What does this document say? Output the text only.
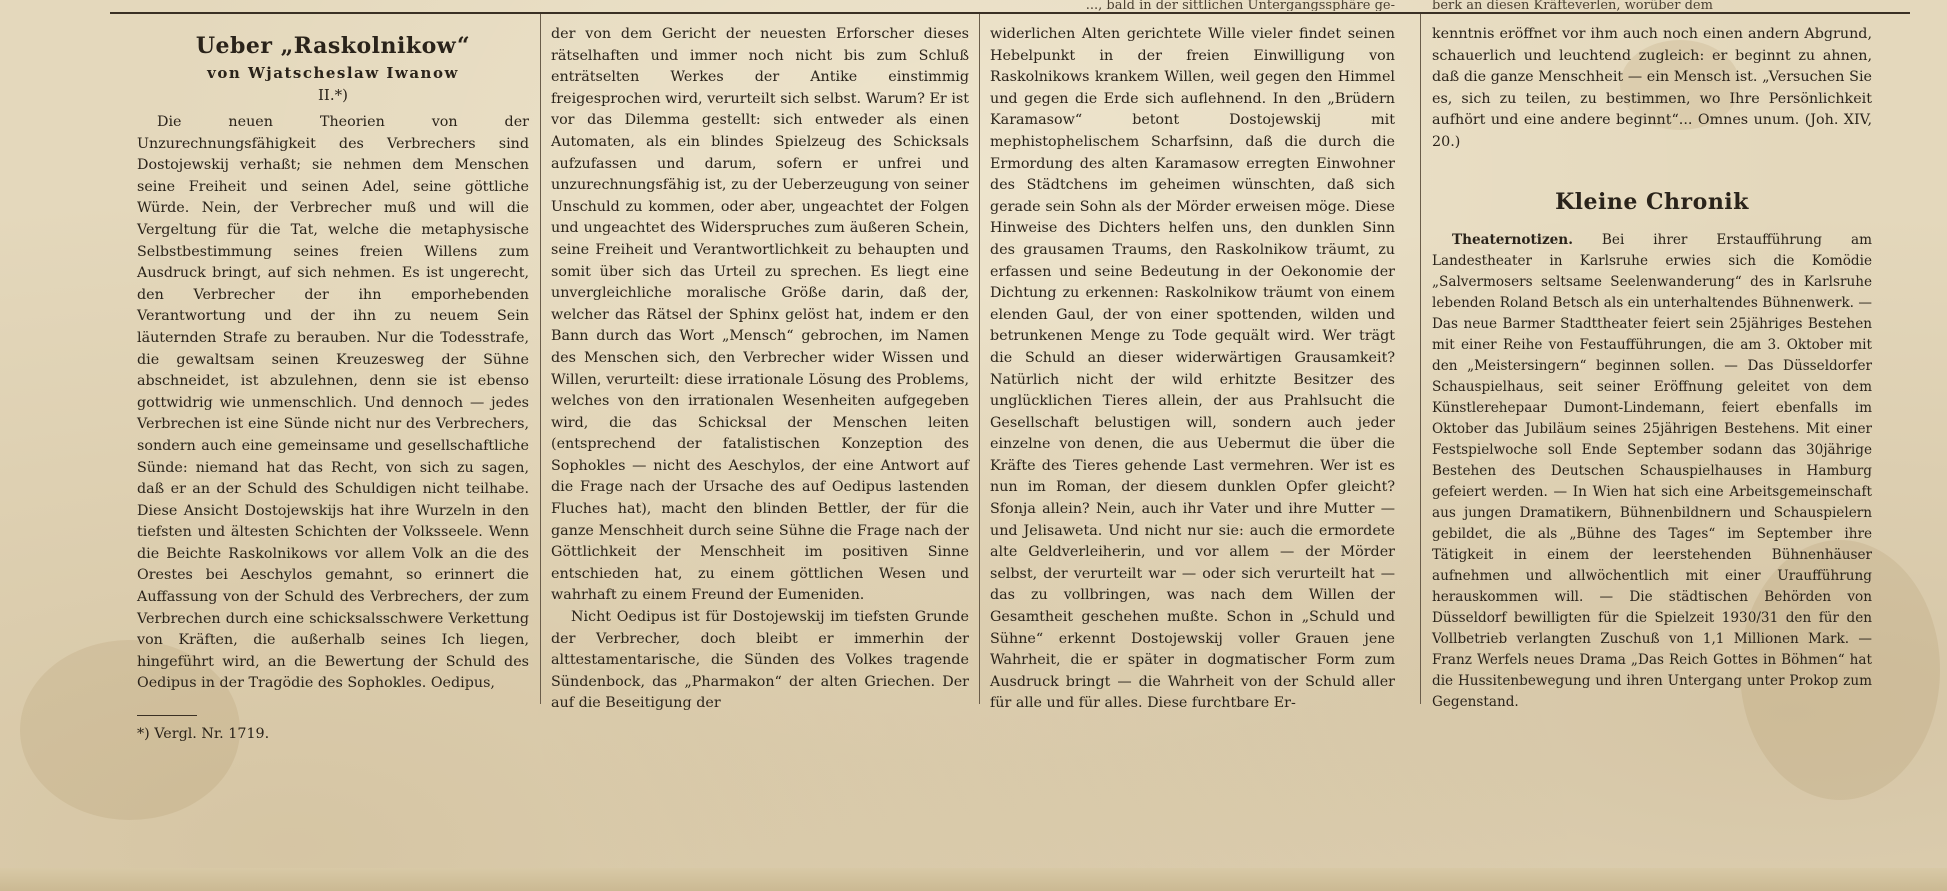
..., bald in der sittlichen Untergangssphäre ge-	berk an diesen Kräfteverlen, worüber dem
Ueber „Raskolnikow“
von Wjatscheslaw Iwanow
II.*)

Die neuen Theorien von der Unzurechnungsfähigkeit des Verbrechers sind Dostojewskij verhaßt; sie nehmen dem Menschen seine Freiheit und seinen Adel, seine göttliche Würde. Nein, der Verbrecher muß und will die Vergeltung für die Tat, welche die metaphysische Selbstbestimmung seines freien Willens zum Ausdruck bringt, auf sich nehmen. Es ist ungerecht, den Verbrecher der ihn emporhebenden Verantwortung und der ihn zu neuem Sein läuternden Strafe zu berauben. Nur die Todesstrafe, die gewaltsam seinen Kreuzesweg der Sühne abschneidet, ist abzulehnen, denn sie ist ebenso gottwidrig wie unmenschlich. Und dennoch — jedes Verbrechen ist eine Sünde nicht nur des Verbrechers, sondern auch eine gemeinsame und gesellschaftliche Sünde: niemand hat das Recht, von sich zu sagen, daß er an der Schuld des Schuldigen nicht teilhabe. Diese Ansicht Dostojewskijs hat ihre Wurzeln in den tiefsten und ältesten Schichten der Volksseele. Wenn die Beichte Raskolnikows vor allem Volk an die des Orestes bei Aeschylos gemahnt, so erinnert die Auffassung von der Schuld des Verbrechers, der zum Verbrechen durch eine schicksalsschwere Verkettung von Kräften, die außerhalb seines Ich liegen, hingeführt wird, an die Bewertung der Schuld des Oedipus in der Tragödie des Sophokles. Oedipus,

*) Vergl. Nr. 1719.

der von dem Gericht der neuesten Erforscher dieses rätselhaften und immer noch nicht bis zum Schluß enträtselten Werkes der Antike einstimmig freigesprochen wird, verurteilt sich selbst. Warum? Er ist vor das Dilemma gestellt: sich entweder als einen Automaten, als ein blindes Spielzeug des Schicksals aufzufassen und darum, sofern er unfrei und unzurechnungsfähig ist, zu der Ueberzeugung von seiner Unschuld zu kommen, oder aber, ungeachtet der Folgen und ungeachtet des Widerspruches zum äußeren Schein, seine Freiheit und Verantwortlichkeit zu behaupten und somit über sich das Urteil zu sprechen. Es liegt eine unvergleichliche moralische Größe darin, daß der, welcher das Rätsel der Sphinx gelöst hat, indem er den Bann durch das Wort „Mensch“ gebrochen, im Namen des Menschen sich, den Verbrecher wider Wissen und Willen, verurteilt: diese irrationale Lösung des Problems, welches von den irrationalen Wesenheiten aufgegeben wird, die das Schicksal der Menschen leiten (entsprechend der fatalistischen Konzeption des Sophokles — nicht des Aeschylos, der eine Antwort auf die Frage nach der Ursache des auf Oedipus lastenden Fluches hat), macht den blinden Bettler, der für die ganze Menschheit durch seine Sühne die Frage nach der Göttlichkeit der Menschheit im positiven Sinne entschieden hat, zu einem göttlichen Wesen und wahrhaft zu einem Freund der Eumeniden.

Nicht Oedipus ist für Dostojewskij im tiefsten Grunde der Verbrecher, doch bleibt er immerhin der alttestamentarische, die Sünden des Volkes tragende Sündenbock, das „Pharmakon“ der alten Griechen. Der auf die Beseitigung der

widerlichen Alten gerichtete Wille vieler findet seinen Hebelpunkt in der freien Einwilligung von Raskolnikows krankem Willen, weil gegen den Himmel und gegen die Erde sich auflehnend. In den „Brüdern Karamasow“ betont Dostojewskij mit mephistophelischem Scharfsinn, daß die durch die Ermordung des alten Karamasow erregten Einwohner des Städtchens im geheimen wünschten, daß sich gerade sein Sohn als der Mörder erweisen möge. Diese Hinweise des Dichters helfen uns, den dunklen Sinn des grausamen Traums, den Raskolnikow träumt, zu erfassen und seine Bedeutung in der Oekonomie der Dichtung zu erkennen: Raskolnikow träumt von einem elenden Gaul, der von einer spottenden, wilden und betrunkenen Menge zu Tode gequält wird. Wer trägt die Schuld an dieser widerwärtigen Grausamkeit? Natürlich nicht der wild erhitzte Besitzer des unglücklichen Tieres allein, der aus Prahlsucht die Gesellschaft belustigen will, sondern auch jeder einzelne von denen, die aus Uebermut die über die Kräfte des Tieres gehende Last vermehren. Wer ist es nun im Roman, der diesem dunklen Opfer gleicht? Sfonja allein? Nein, auch ihr Vater und ihre Mutter — und Jelisaweta. Und nicht nur sie: auch die ermordete alte Geldverleiherin, und vor allem — der Mörder selbst, der verurteilt war — oder sich verurteilt hat — das zu vollbringen, was nach dem Willen der Gesamtheit geschehen mußte. Schon in „Schuld und Sühne“ erkennt Dostojewskij voller Grauen jene Wahrheit, die er später in dogmatischer Form zum Ausdruck bringt — die Wahrheit von der Schuld aller für alle und für alles. Diese furchtbare Er-

kenntnis eröffnet vor ihm auch noch einen andern Abgrund, schauerlich und leuchtend zugleich: er beginnt zu ahnen, daß die ganze Menschheit — ein Mensch ist. „Versuchen Sie es, sich zu teilen, zu bestimmen, wo Ihre Persönlichkeit aufhört und eine andere beginnt“... Omnes unum. (Joh. XIV, 20.)

Kleine Chronik

Theaternotizen. Bei ihrer Erstaufführung am Landestheater in Karlsruhe erwies sich die Komödie „Salvermosers seltsame Seelenwanderung“ des in Karlsruhe lebenden Roland Betsch als ein unterhaltendes Bühnenwerk. — Das neue Barmer Stadttheater feiert sein 25jähriges Bestehen mit einer Reihe von Festaufführungen, die am 3. Oktober mit den „Meistersingern“ beginnen sollen. — Das Düsseldorfer Schauspielhaus, seit seiner Eröffnung geleitet von dem Künstlerehepaar Dumont-Lindemann, feiert ebenfalls im Oktober das Jubiläum seines 25jährigen Bestehens. Mit einer Festspielwoche soll Ende September sodann das 30jährige Bestehen des Deutschen Schauspielhauses in Hamburg gefeiert werden. — In Wien hat sich eine Arbeitsgemeinschaft aus jungen Dramatikern, Bühnenbildnern und Schauspielern gebildet, die als „Bühne des Tages“ im September ihre Tätigkeit in einem der leerstehenden Bühnenhäuser aufnehmen und allwöchentlich mit einer Uraufführung herauskommen will. — Die städtischen Behörden von Düsseldorf bewilligten für die Spielzeit 1930/31 den für den Vollbetrieb verlangten Zuschuß von 1,1 Millionen Mark. — Franz Werfels neues Drama „Das Reich Gottes in Böhmen“ hat die Hussitenbewegung und ihren Untergang unter Prokop zum Gegenstand.
